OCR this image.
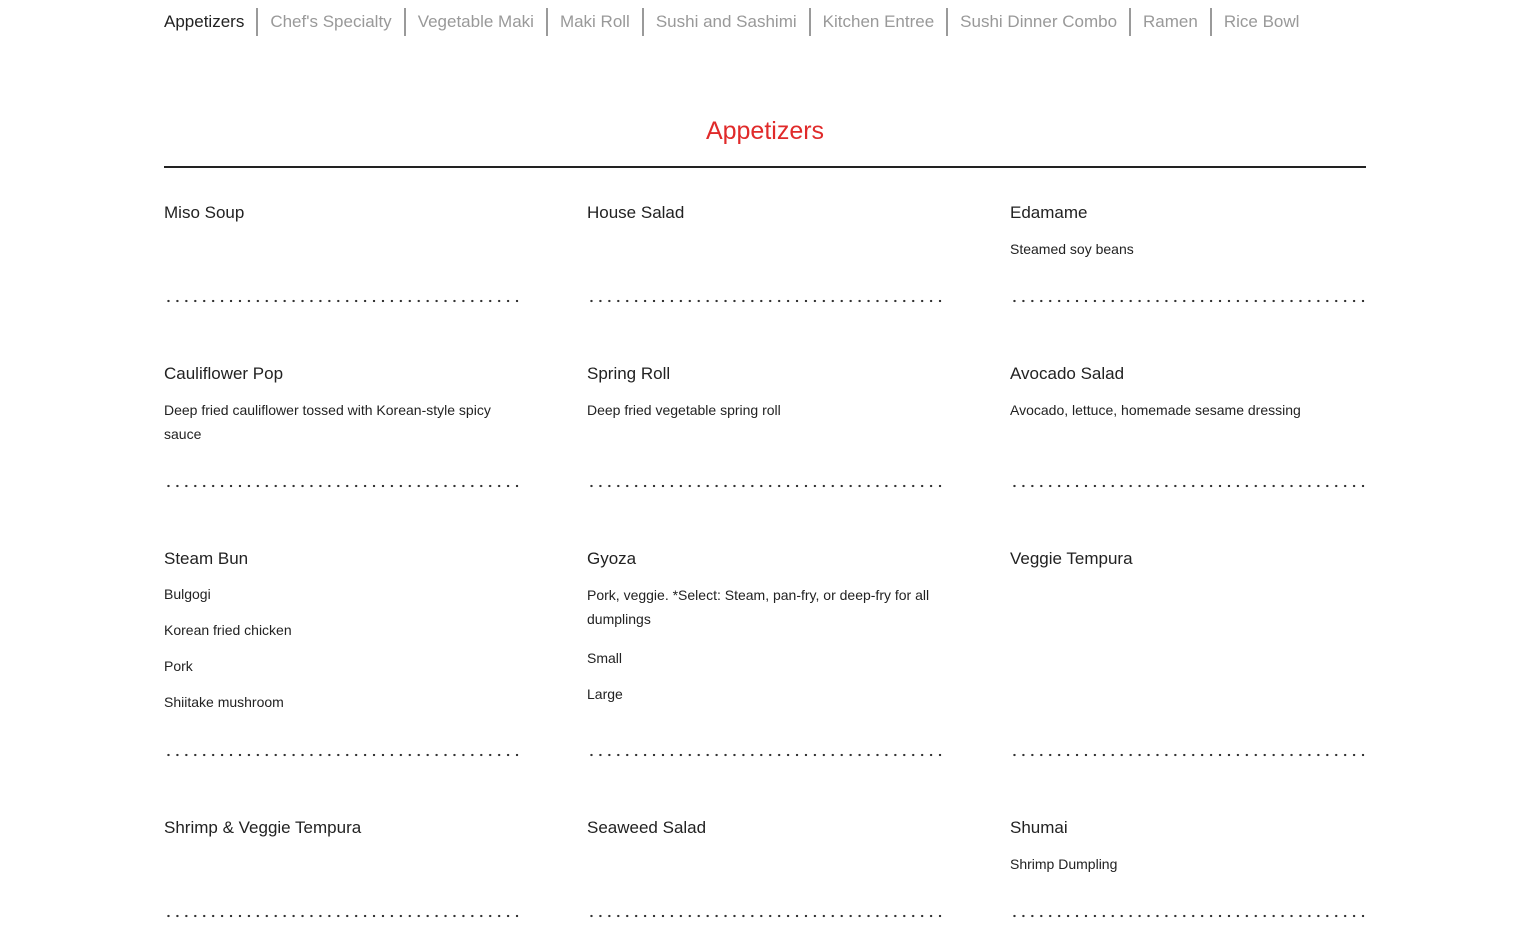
Appetizers	Chef's Specialty	Vegetable Maki	Maki Roll	Sushi and Sashimi	Kitchen Entree	Sushi Dinner Combo	Ramen	Rice Bowl
Appetizers
Miso Soup	House Salad	Edamame
Steamed soy beans
Cauliflower Pop
Deep fried cauliflower tossed with Korean-style spicy sauce
Spring Roll
Deep fried vegetable spring roll
Avocado Salad
Avocado, lettuce, homemade sesame dressing
Steam Bun
Bulgogi
Korean fried chicken
Pork
Shiitake mushroom
Gyoza
Pork, veggie. *Select: Steam, pan-fry, or deep-fry for all dumplings
Small
Large
Veggie Tempura
Shrimp & Veggie Tempura	Seaweed Salad	Shumai
Shrimp Dumpling
